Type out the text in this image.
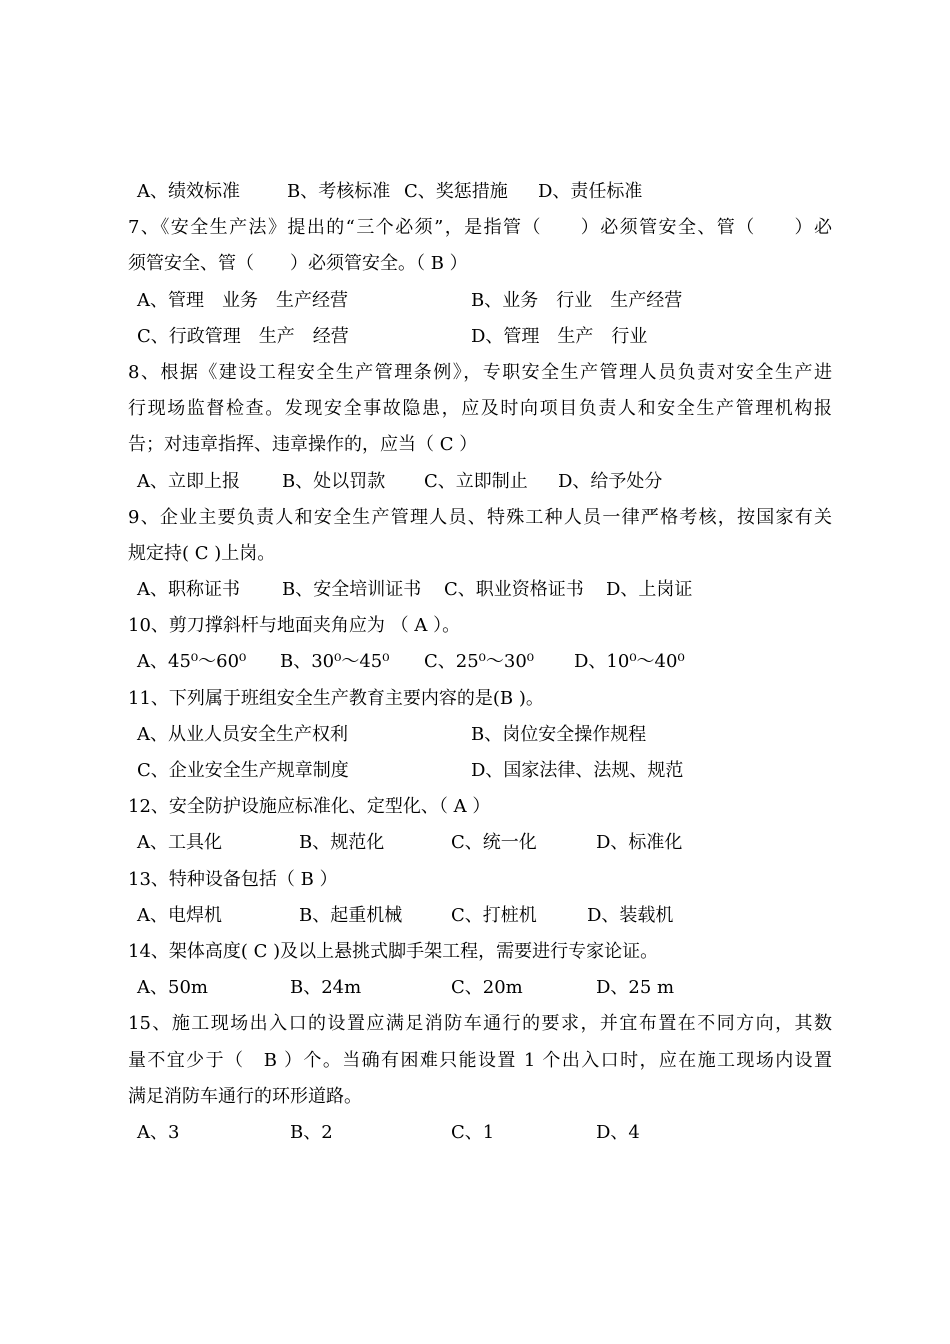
A、绩效标准	B、考核标准 C、奖惩措施 D、责任标准
7、《安全生产法》提出的“三个必须”，是指管（　　）必须管安全、管（　　）必
须管安全、管（　　）必须管安全。（ B ）
A、管理　业务　生产经营	B、业务　行业　生产经营
C、行政管理　生产　经营	D、管理　生产　行业
8、根据《建设工程安全生产管理条例》，专职安全生产管理人员负责对安全生产进
行现场监督检查。发现安全事故隐患，应及时向项目负责人和安全生产管理机构报
告；对违章指挥、违章操作的，应当（ C ）
A、立即上报 B、处以罚款 C、立即制止 D、给予处分
9、企业主要负责人和安全生产管理人员、特殊工种人员一律严格考核，按国家有关
规定持( C )上岗。
A、职称证书 B、安全培训证书 C、职业资格证书 D、上岗证
10、剪刀撑斜杆与地面夹角应为 （ A ）。
A、45⁰～60⁰ B、30⁰～45⁰ C、25⁰～30⁰ D、10⁰～40⁰
11、下列属于班组安全生产教育主要内容的是(B )。
A、从业人员安全生产权利	B、岗位安全操作规程
C、企业安全生产规章制度	D、国家法律、法规、规范
12、安全防护设施应标准化、定型化、（ A ）
A、工具化	B、规范化	C、统一化	D、标准化
13、特种设备包括（ B ）
A、电焊机	B、起重机械	C、打桩机	D、装载机
14、架体高度( C )及以上悬挑式脚手架工程，需要进行专家论证。
A、50m	B、24m	C、20m	D、25 m
15、施工现场出入口的设置应满足消防车通行的要求，并宜布置在不同方向，其数
量不宜少于（　B ）个。当确有困难只能设置 1 个出入口时，应在施工现场内设置
满足消防车通行的环形道路。
A、3	B、2	C、1	D、4
